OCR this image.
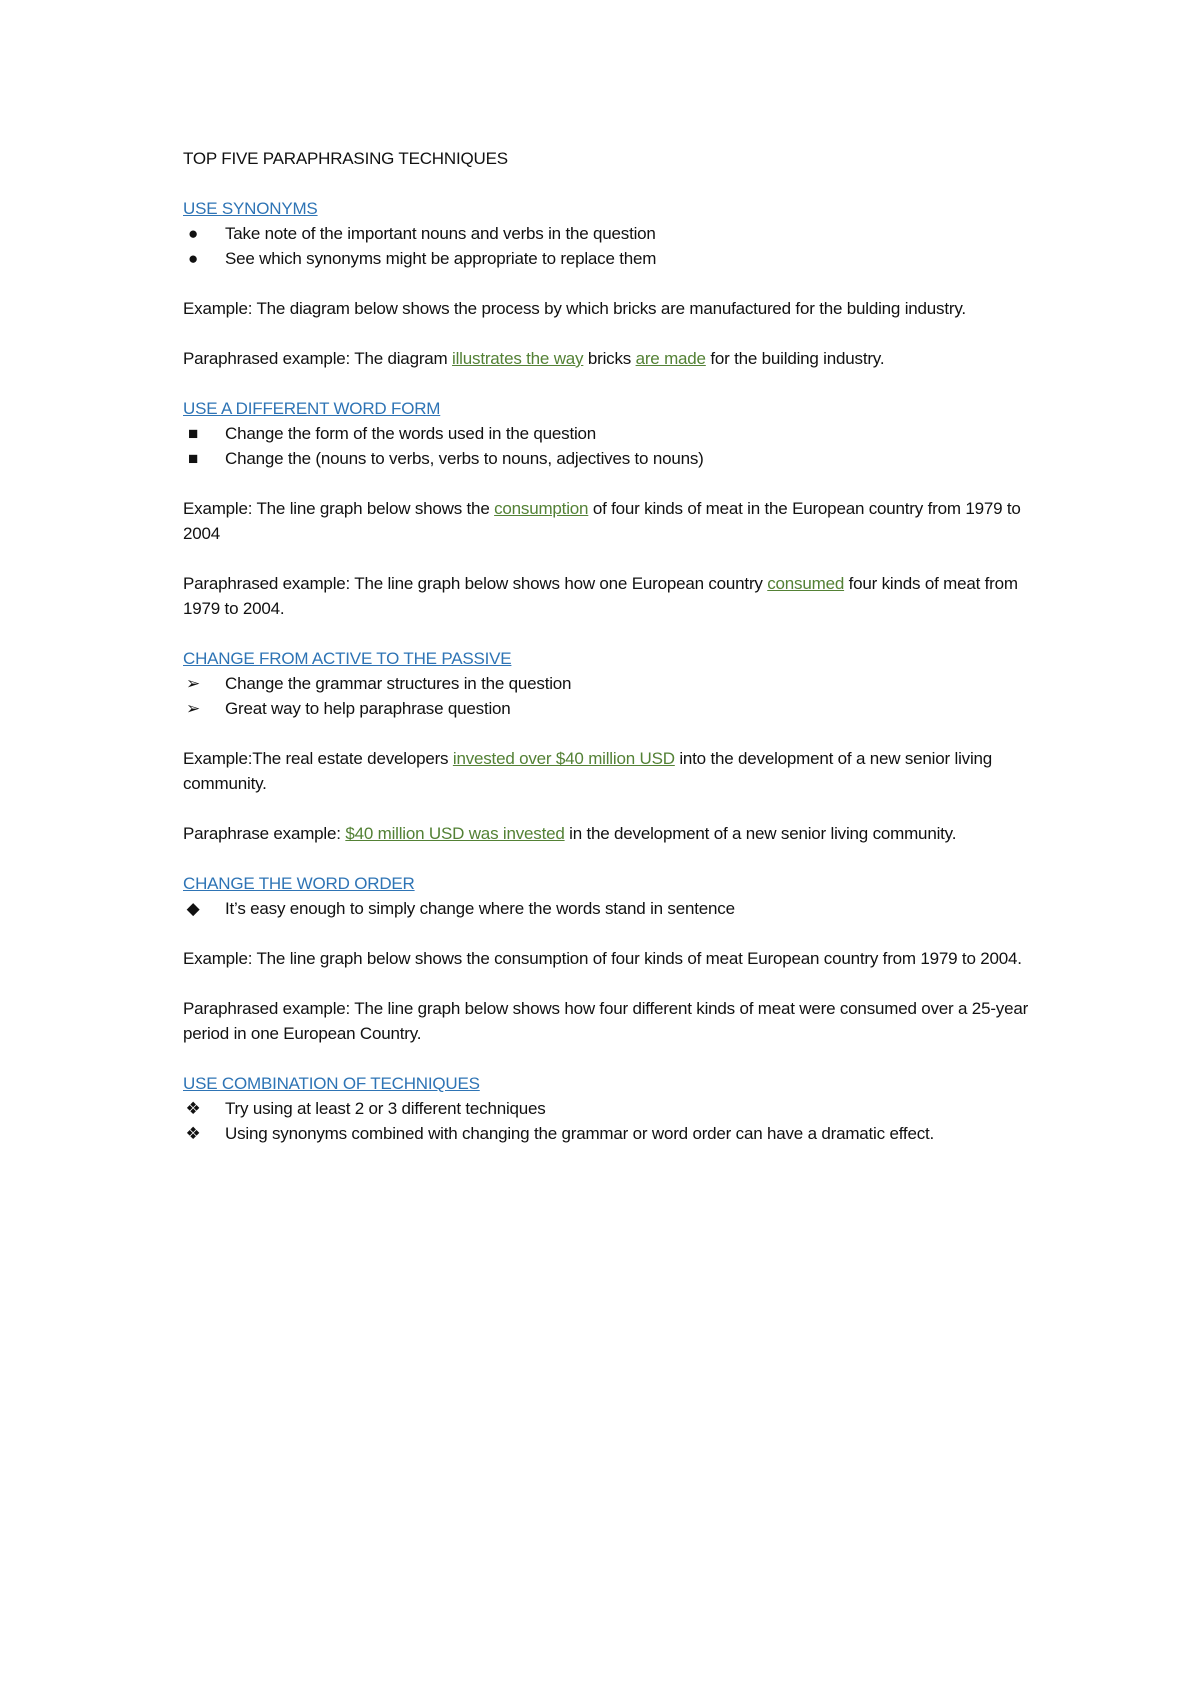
TOP FIVE PARAPHRASING TECHNIQUES

USE SYNONYMS
● Take note of the important nouns and verbs in the question
● See which synonyms might be appropriate to replace them

Example: The diagram below shows the process by which bricks are manufactured for the bulding industry.

Paraphrased example: The diagram illustrates the way bricks are made for the building industry.

USE A DIFFERENT WORD FORM
■ Change the form of the words used in the question
■ Change the (nouns to verbs, verbs to nouns, adjectives to nouns)

Example: The line graph below shows the consumption of four kinds of meat in the European country from 1979 to 2004

Paraphrased example: The line graph below shows how one European country consumed four kinds of meat from 1979 to 2004.

CHANGE FROM ACTIVE TO THE PASSIVE
➢ Change the grammar structures in the question
➢ Great way to help paraphrase question

Example:The real estate developers invested over $40 million USD into the development of a new senior living community.

Paraphrase example: $40 million USD was invested in the development of a new senior living community.

CHANGE THE WORD ORDER
◆ It’s easy enough to simply change where the words stand in sentence

Example: The line graph below shows the consumption of four kinds of meat European country from 1979 to 2004.

Paraphrased example: The line graph below shows how four different kinds of meat were consumed over a 25-year period in one European Country.

USE COMBINATION OF TECHNIQUES
❖ Try using at least 2 or 3 different techniques
❖ Using synonyms combined with changing the grammar or word order can have a dramatic effect.
